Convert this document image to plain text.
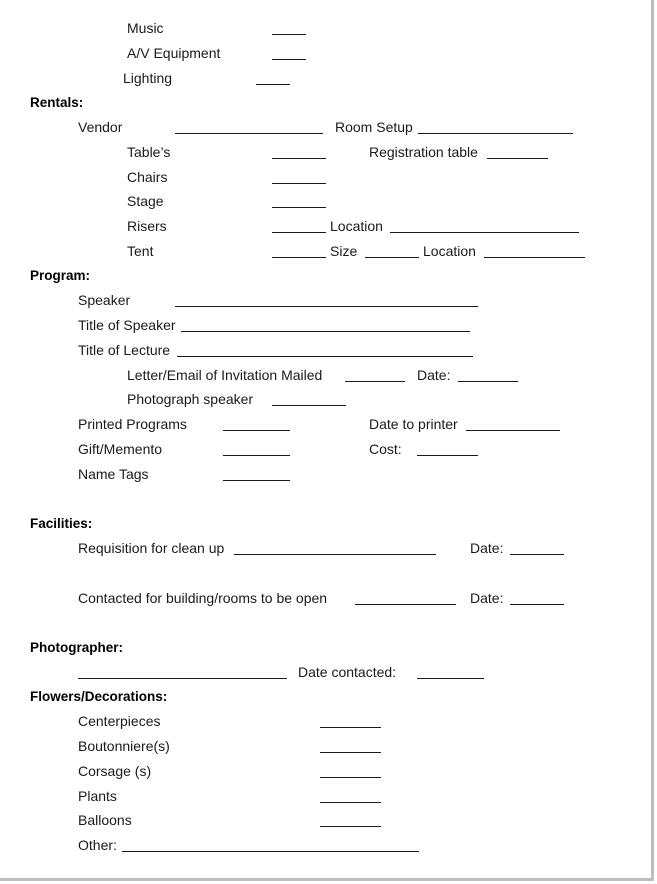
Music
A/V Equipment
Lighting
Rentals:
Vendor	Room Setup
Table’s	Registration table
Chairs
Stage
Risers	Location
Tent	Size	Location
Program:
Speaker
Title of Speaker
Title of Lecture
Letter/Email of Invitation Mailed	Date:
Photograph speaker
Printed Programs	Date to printer
Gift/Memento	Cost:
Name Tags
Facilities:
Requisition for clean up	Date:
Contacted for building/rooms to be open	Date:
Photographer:
Date contacted:
Flowers/Decorations:
Centerpieces
Boutonniere(s)
Corsage (s)
Plants
Balloons
Other:
